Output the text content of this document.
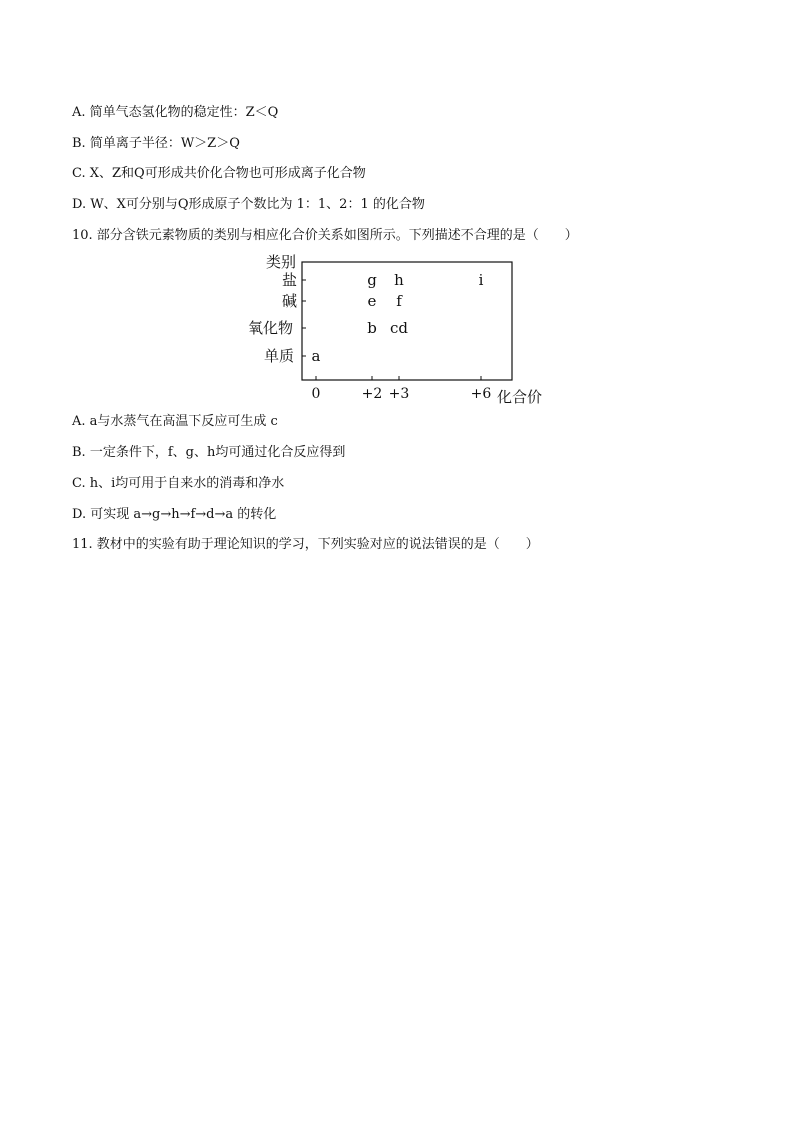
A. 简单气态氢化物的稳定性：Z＜Q
B. 简单离子半径：W＞Z＞Q
C. X、Z和Q可形成共价化合物也可形成离子化合物
D. W、X可分别与Q形成原子个数比为 1：1、2：1 的化合物
10. 部分含铁元素物质的类别与相应化合价关系如图所示。下列描述不合理的是（　　）
类别
化合价
盐
碱
氧化物
单质
0	+2 +3	+6
g h	i
e f
b cd
a
A. a与水蒸气在高温下反应可生成 c
B. 一定条件下，f、g、h均可通过化合反应得到
C. h、i均可用于自来水的消毒和净水
D. 可实现 a→g→h→f→d→a 的转化
11. 教材中的实验有助于理论知识的学习，下列实验对应的说法错误的是（　　）
